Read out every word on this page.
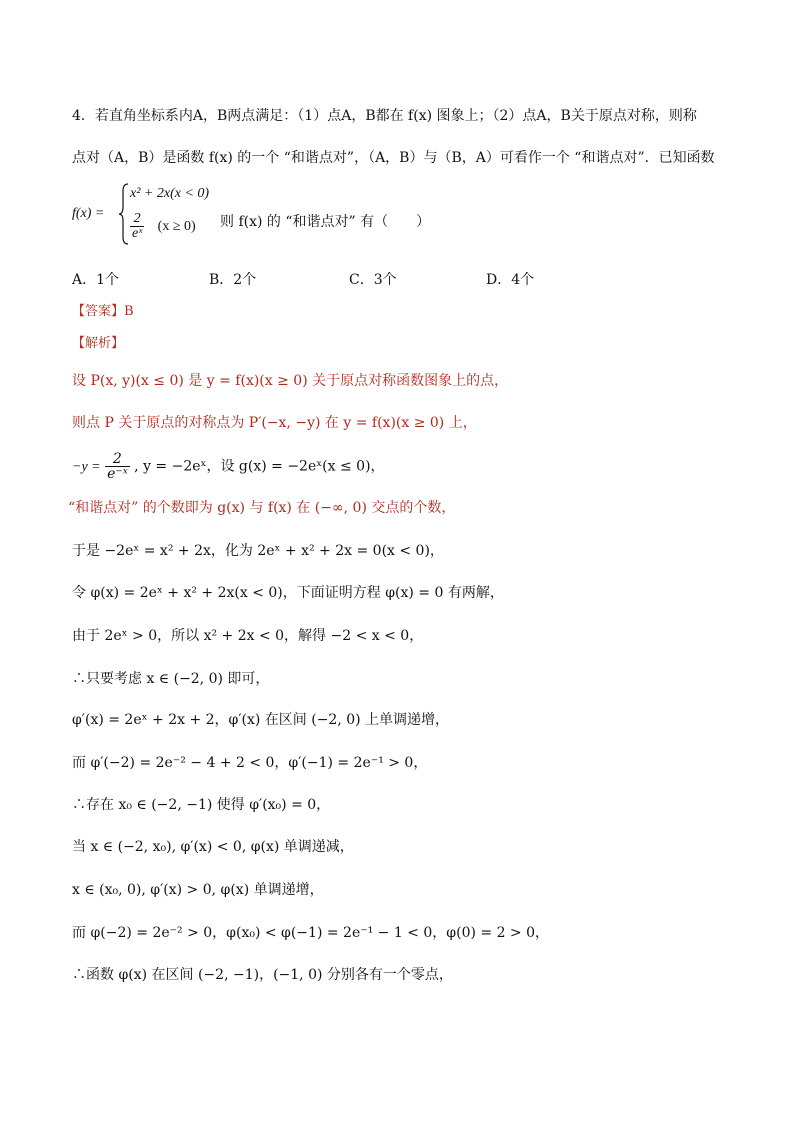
4．若直角坐标系内A，B两点满足：（1）点A，B都在 f(x) 图象上；（2）点A，B关于原点对称，则称
点对（A，B）是函数 f(x) 的一个 “和谐点对”，（A，B）与（B，A）可看作一个 “和谐点对”．已知函数
f(x) =
x² + 2x(x < 0)
$\frac{2}{\text{eˣ}} (x \ge 0)$ 则 f(x) 的 “和谐点对” 有（　　）
A．1个	B．2个	C．3个	D．4个
【答案】B
【解析】
设 P(x, y)(x ≤ 0) 是 y = f(x)(x ≥ 0) 关于原点对称函数图象上的点，
则点 P 关于原点的对称点为 P′(−x, −y) 在 y = f(x)(x ≥ 0) 上，
$-y = \frac{2}{\text{e⁻ˣ}}$ , y = −2eˣ，设 g(x) = −2eˣ(x ≤ 0)，
“和谐点对” 的个数即为 g(x) 与 f(x) 在 (−∞, 0) 交点的个数，
于是 −2eˣ = x² + 2x，化为 2eˣ + x² + 2x = 0(x < 0)，
令 φ(x) = 2eˣ + x² + 2x(x < 0)，下面证明方程 φ(x) = 0 有两解，
由于 2eˣ > 0，所以 x² + 2x < 0，解得 −2 < x < 0，
∴只要考虑 x ∈ (−2, 0) 即可，
φ′(x) = 2eˣ + 2x + 2，φ′(x) 在区间 (−2, 0) 上单调递增，
而 φ′(−2) = 2e⁻² − 4 + 2 < 0，φ′(−1) = 2e⁻¹ > 0，
∴存在 x₀ ∈ (−2, −1) 使得 φ′(x₀) = 0，
当 x ∈ (−2, x₀), φ′(x) < 0, φ(x) 单调递减，
x ∈ (x₀, 0), φ′(x) > 0, φ(x) 单调递增，
而 φ(−2) = 2e⁻² > 0，φ(x₀) < φ(−1) = 2e⁻¹ − 1 < 0，φ(0) = 2 > 0，
∴函数 φ(x) 在区间 (−2, −1)，(−1, 0) 分别各有一个零点，
